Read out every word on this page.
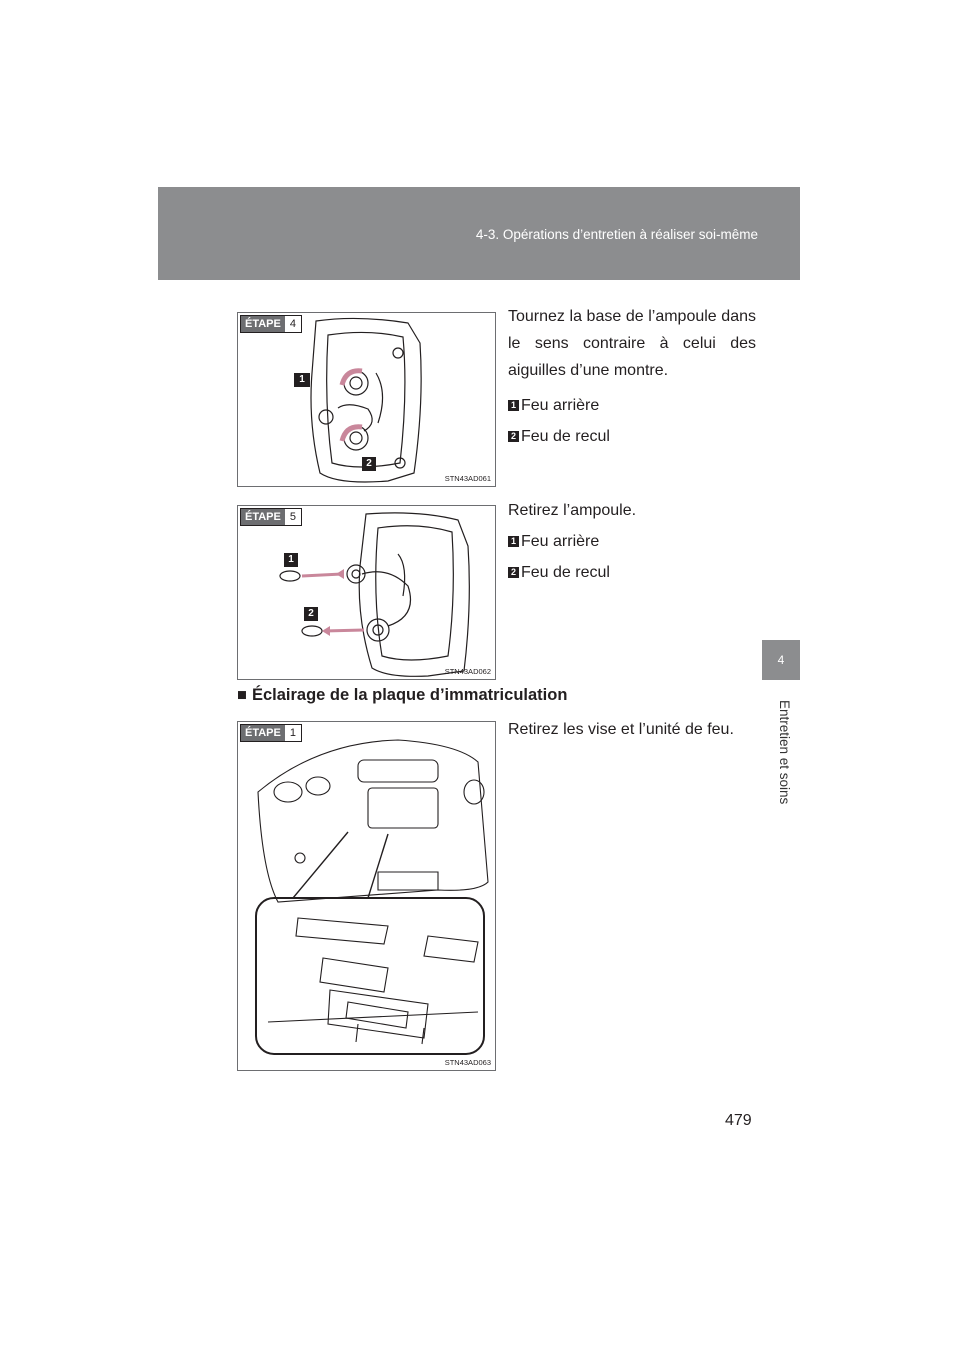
4-3. Opérations d’entretien à réaliser soi-même
4
Entretien et soins
1
2
ÉTAPE 4
STN43AD061
Tournez la base de l’ampoule dans le sens contraire à celui des aiguilles d’une montre.
1 Feu arrière
2 Feu de recul
1
2
ÉTAPE 5
STN43AD062
Retirez l’ampoule.
1 Feu arrière
2 Feu de recul
■ Éclairage de la plaque d’immatriculation
ÉTAPE 1
STN43AD063
Retirez les vise et l’unité de feu.
479
